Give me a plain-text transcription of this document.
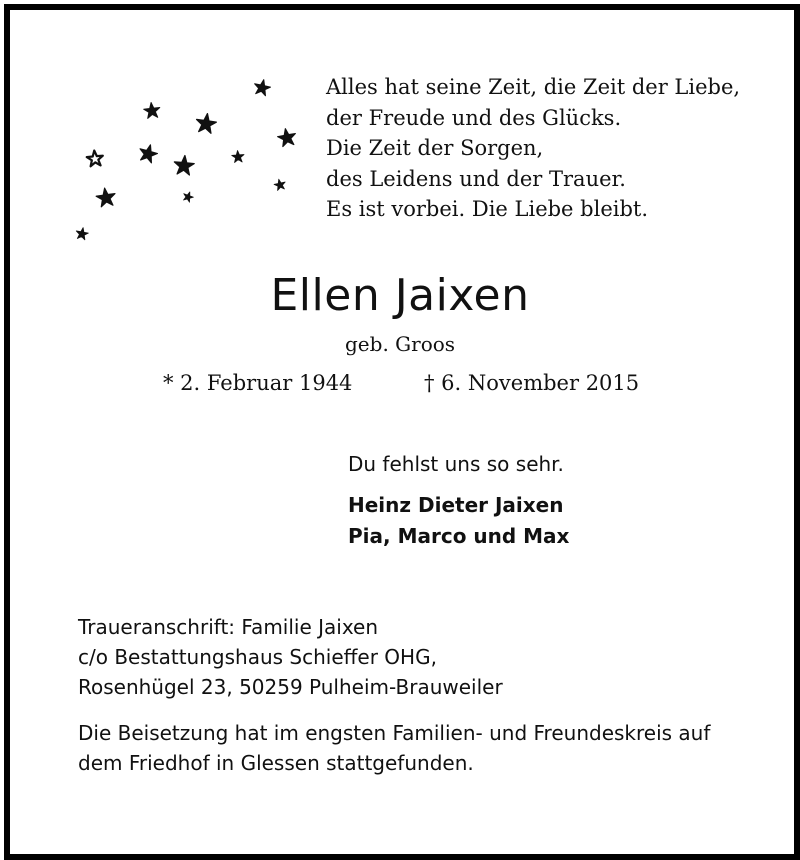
Alles hat seine Zeit, die Zeit der Liebe,
der Freude und des Glücks.
Die Zeit der Sorgen,
des Leidens und der Trauer.
Es ist vorbei. Die Liebe bleibt.
Ellen Jaixen
geb. Groos
* 2. Februar 1944	† 6. November 2015
Du fehlst uns so sehr.
Heinz Dieter Jaixen
Pia, Marco und Max
Traueranschrift: Familie Jaixen
c/o Bestattungshaus Schieffer OHG,
Rosenhügel 23, 50259 Pulheim-Brauweiler
Die Beisetzung hat im engsten Familien- und Freundeskreis auf dem Friedhof in Glessen stattgefunden.
